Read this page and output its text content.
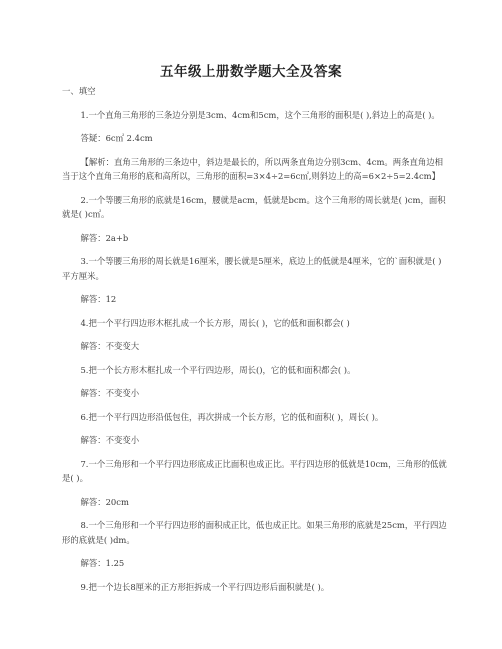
五年级上册数学题大全及答案

一、填空

1.一个直角三角形的三条边分别是3cm、4cm和5cm，这个三角形的面积是( ),斜边上的高是( )。

答疑：6c㎡ 2.4cm

【解析：直角三角形的三条边中，斜边是最长的，所以两条直角边分别3cm、4cm。两条直角边相当于这个直角三角形的底和高所以，三角形的面积=3×4÷2=6c㎡,则斜边上的高=6×2÷5=2.4cm】

2.一个等腰三角形的底就是16cm，腰就是acm，低就是bcm。这个三角形的周长就是( )cm，面积就是( )c㎡。

解答：2a+b

3.一个等腰三角形的周长就是16厘米，腰长就是5厘米，底边上的低就是4厘米，它的`面积就是( )平方厘米。

解答：12

4.把一个平行四边形木框扎成一个长方形，周长( )，它的低和面积都会( )

解答：不变变大

5.把一个长方形木框扎成一个平行四边形，周长()，它的低和面积都会( )。

解答：不变变小

6.把一个平行四边形沿低包住，再次拼成一个长方形，它的低和面积( )，周长( )。

解答：不变变小

7.一个三角形和一个平行四边形底成正比面积也成正比。平行四边形的低就是10cm，三角形的低就是( )。

解答：20cm

8.一个三角形和一个平行四边形的面积成正比，低也成正比。如果三角形的底就是25cm，平行四边形的底就是( )dm。

解答：1.25

9.把一个边长8厘米的正方形拒拆成一个平行四边形后面积就是( )。
